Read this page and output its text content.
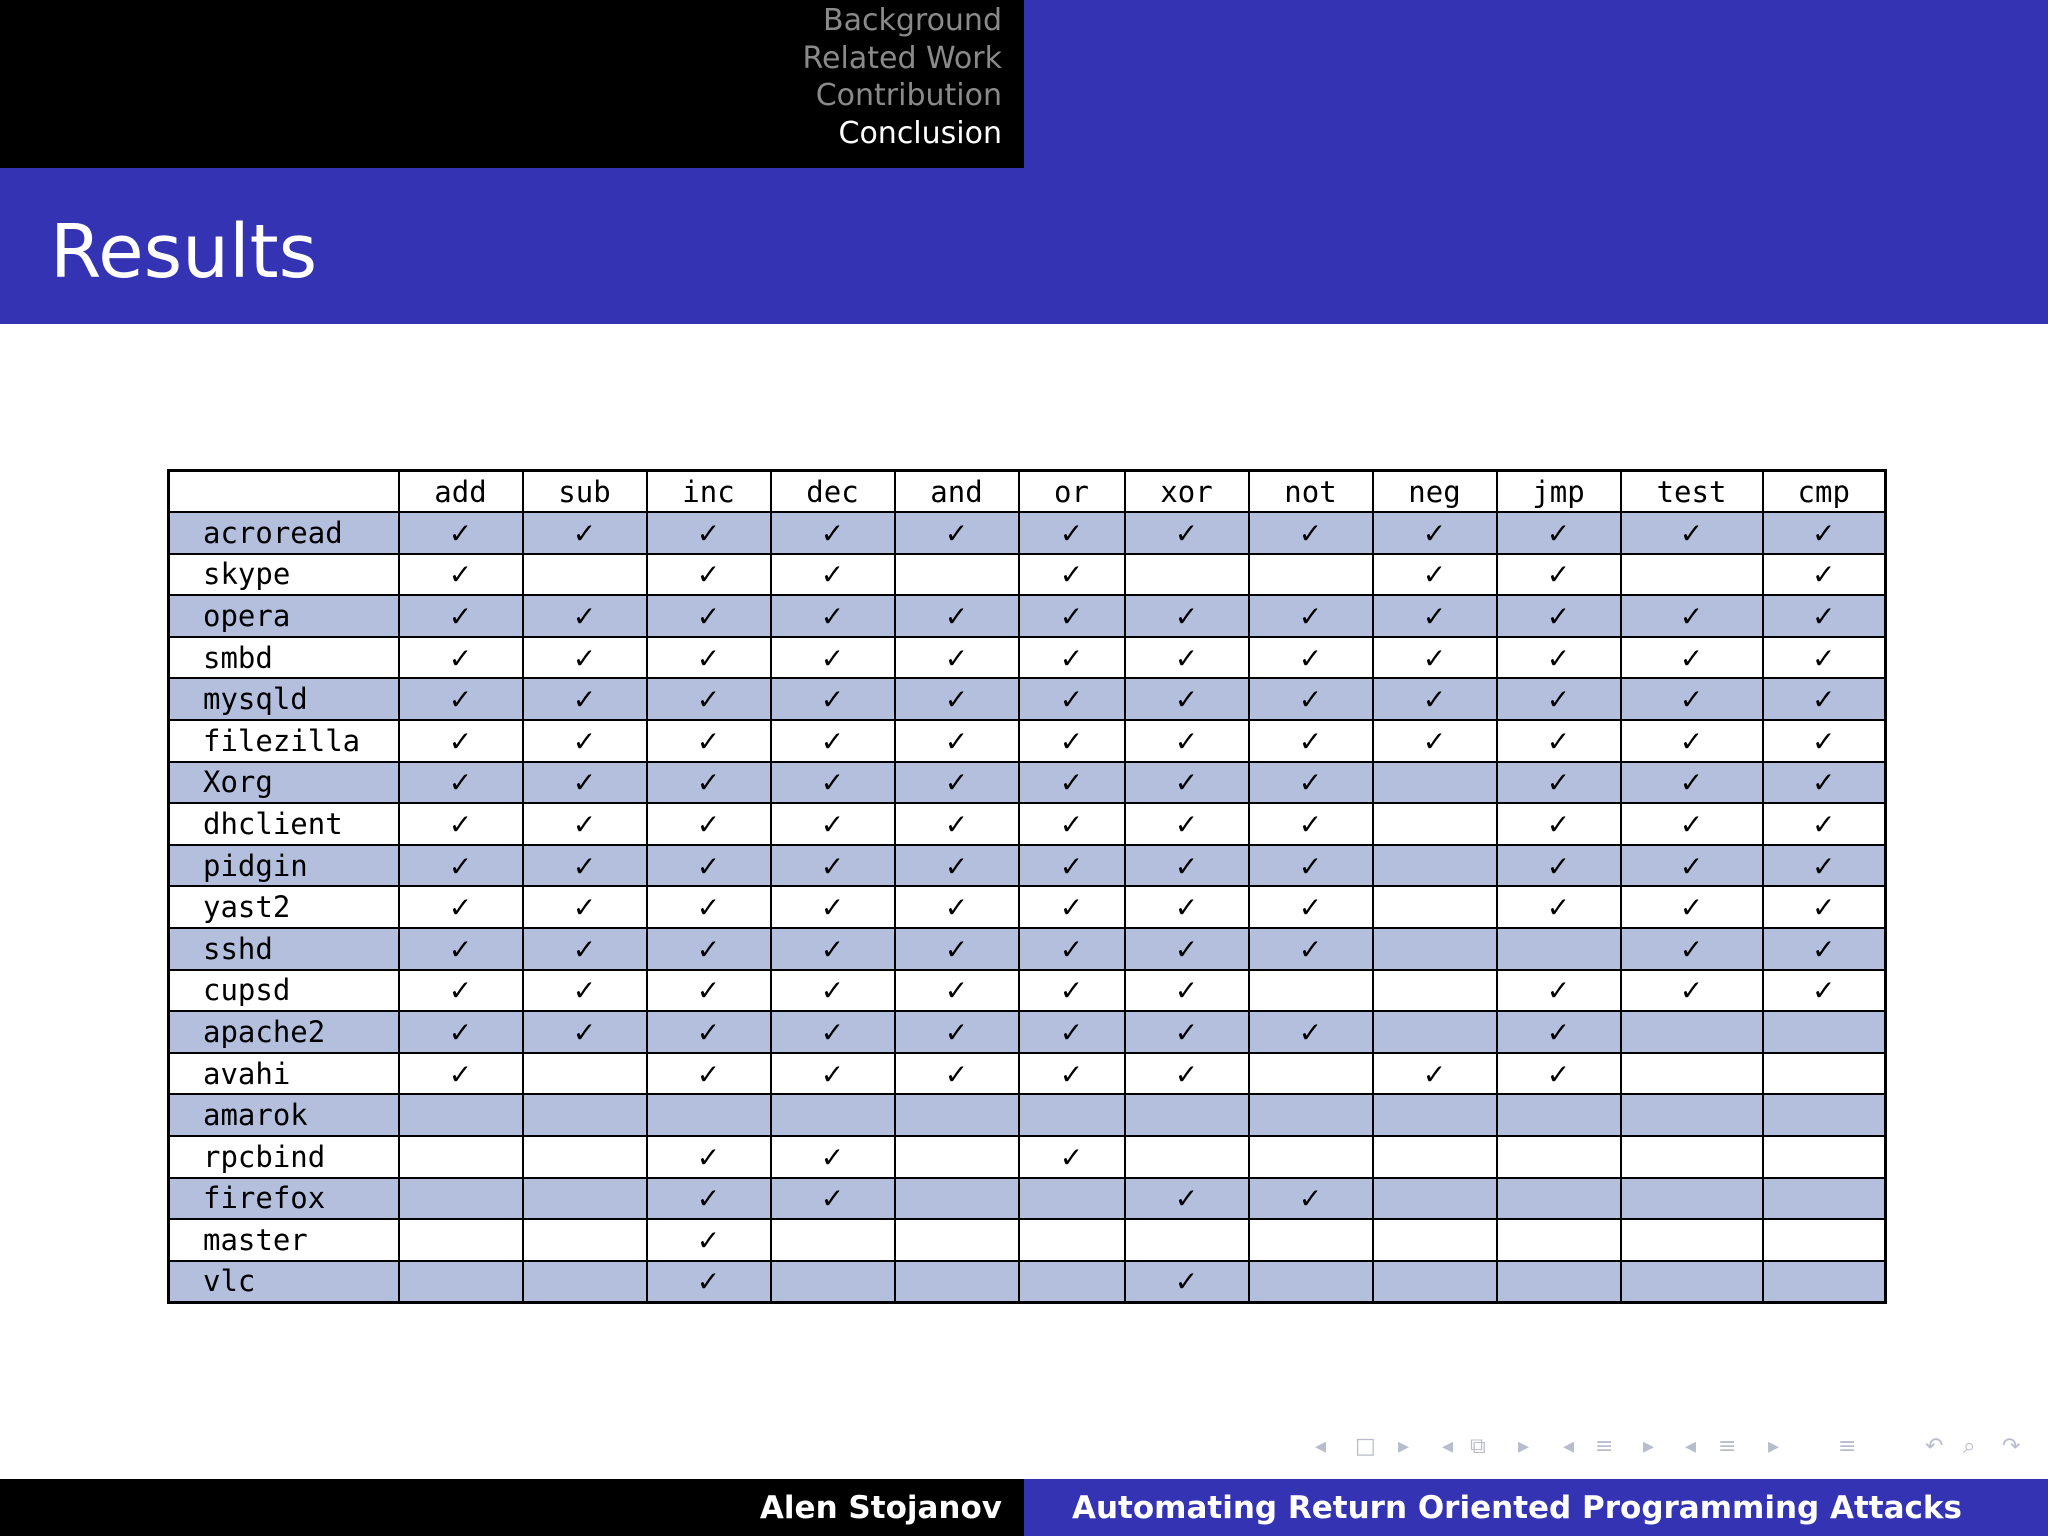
Background
Related Work
Contribution
Conclusion
Results
	add	sub	inc	dec	and	or	xor	not	neg	jmp	test	cmp
acroread	✓	✓	✓	✓	✓	✓	✓	✓	✓	✓	✓	✓
skype	✓		✓	✓		✓			✓	✓		✓
opera	✓	✓	✓	✓	✓	✓	✓	✓	✓	✓	✓	✓
smbd	✓	✓	✓	✓	✓	✓	✓	✓	✓	✓	✓	✓
mysqld	✓	✓	✓	✓	✓	✓	✓	✓	✓	✓	✓	✓
filezilla	✓	✓	✓	✓	✓	✓	✓	✓	✓	✓	✓	✓
Xorg	✓	✓	✓	✓	✓	✓	✓	✓		✓	✓	✓
dhclient	✓	✓	✓	✓	✓	✓	✓	✓		✓	✓	✓
pidgin	✓	✓	✓	✓	✓	✓	✓	✓		✓	✓	✓
yast2	✓	✓	✓	✓	✓	✓	✓	✓		✓	✓	✓
sshd	✓	✓	✓	✓	✓	✓	✓	✓			✓	✓
cupsd	✓	✓	✓	✓	✓	✓	✓			✓	✓	✓
apache2	✓	✓	✓	✓	✓	✓	✓	✓		✓		
avahi	✓		✓	✓	✓	✓	✓		✓	✓		
amarok												
rpcbind			✓	✓		✓						
firefox			✓	✓			✓	✓				
master			✓									
vlc			✓				✓					
◂ □ ▸ ◂ ⧉ ▸ ◂ ≡ ▸ ◂ ≡ ▸	≡	↶ ⌕ ↷
Alen Stojanov Automating Return Oriented Programming Attacks
